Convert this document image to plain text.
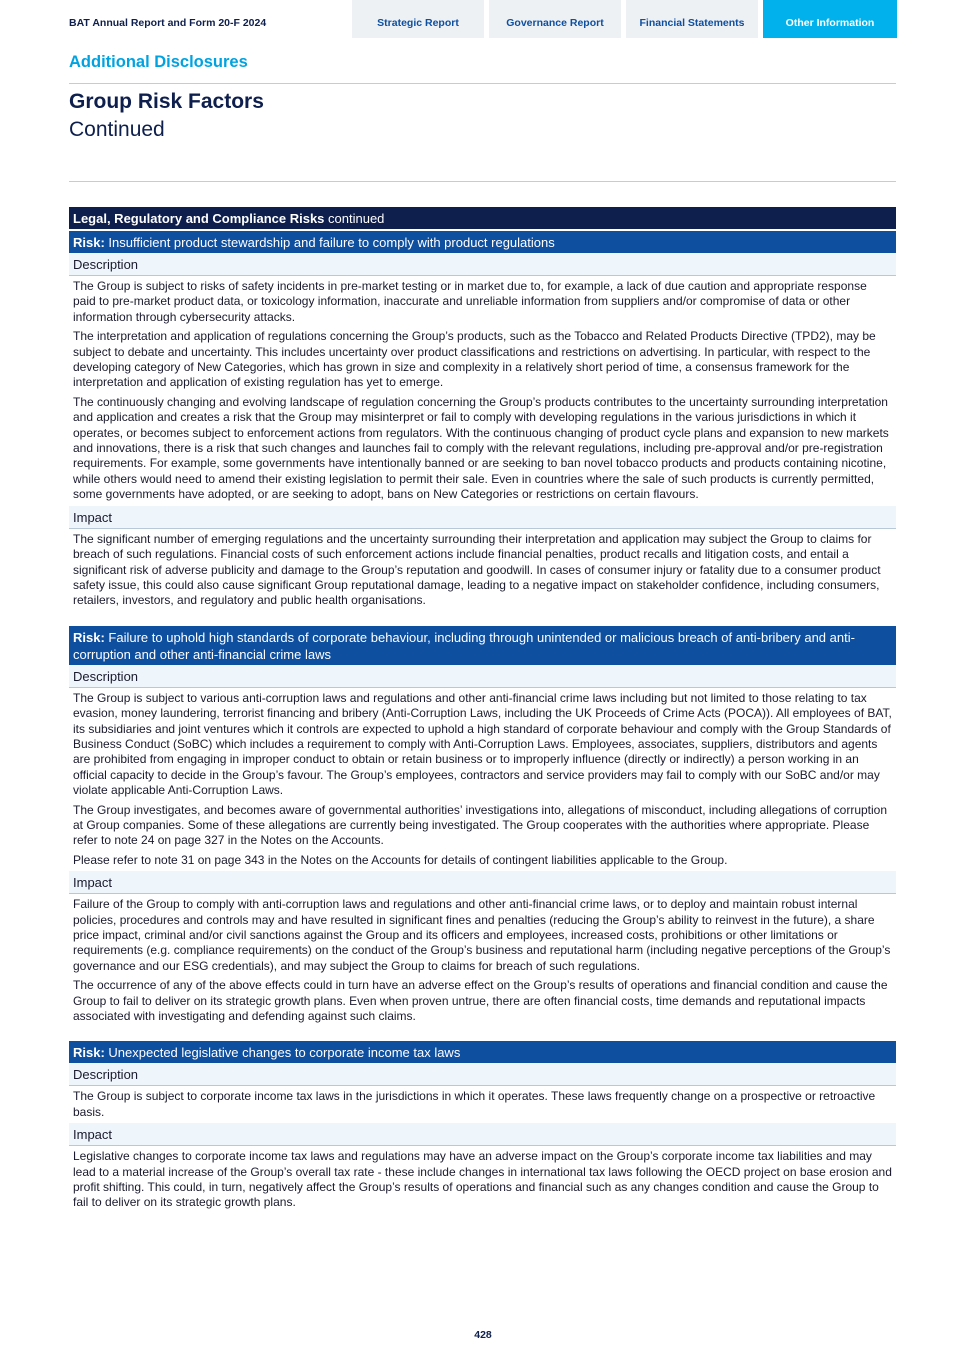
BAT Annual Report and Form 20-F 2024	Strategic Report	Governance Report	Financial Statements	Other Information
Additional Disclosures
Group Risk Factors
Continued
Legal, Regulatory and Compliance Risks continued
Risk: Insufficient product stewardship and failure to comply with product regulations
Description

The Group is subject to risks of safety incidents in pre-market testing or in market due to, for example, a lack of due caution and appropriate response paid to pre-market product data, or toxicology information, inaccurate and unreliable information from suppliers and/or compromise of data or other information through cybersecurity attacks.

The interpretation and application of regulations concerning the Group’s products, such as the Tobacco and Related Products Directive (TPD2), may be subject to debate and uncertainty. This includes uncertainty over product classifications and restrictions on advertising. In particular, with respect to the developing category of New Categories, which has grown in size and complexity in a relatively short period of time, a consensus framework for the interpretation and application of existing regulation has yet to emerge.

The continuously changing and evolving landscape of regulation concerning the Group’s products contributes to the uncertainty surrounding interpretation and application and creates a risk that the Group may misinterpret or fail to comply with developing regulations in the various jurisdictions in which it operates, or becomes subject to enforcement actions from regulators. With the continuous changing of product cycle plans and expansion to new markets and innovations, there is a risk that such changes and launches fail to comply with the relevant regulations, including pre-approval and/or pre-registration requirements. For example, some governments have intentionally banned or are seeking to ban novel tobacco products and products containing nicotine, while others would need to amend their existing legislation to permit their sale. Even in countries where the sale of such products is currently permitted, some governments have adopted, or are seeking to adopt, bans on New Categories or restrictions on certain flavours.

Impact

The significant number of emerging regulations and the uncertainty surrounding their interpretation and application may subject the Group to claims for breach of such regulations. Financial costs of such enforcement actions include financial penalties, product recalls and litigation costs, and entail a significant risk of adverse publicity and damage to the Group’s reputation and goodwill. In cases of consumer injury or fatality due to a consumer product safety issue, this could also cause significant Group reputational damage, leading to a negative impact on stakeholder confidence, including consumers, retailers, investors, and regulatory and public health organisations.

Risk: Failure to uphold high standards of corporate behaviour, including through unintended or malicious breach of anti-bribery and anti-corruption and other anti-financial crime laws
Description

The Group is subject to various anti-corruption laws and regulations and other anti-financial crime laws including but not limited to those relating to tax evasion, money laundering, terrorist financing and bribery (Anti-Corruption Laws, including the UK Proceeds of Crime Acts (POCA)). All employees of BAT, its subsidiaries and joint ventures which it controls are expected to uphold a high standard of corporate behaviour and comply with the Group Standards of Business Conduct (SoBC) which includes a requirement to comply with Anti-Corruption Laws. Employees, associates, suppliers, distributors and agents are prohibited from engaging in improper conduct to obtain or retain business or to improperly influence (directly or indirectly) a person working in an official capacity to decide in the Group’s favour. The Group’s employees, contractors and service providers may fail to comply with our SoBC and/or may violate applicable Anti-Corruption Laws.

The Group investigates, and becomes aware of governmental authorities’ investigations into, allegations of misconduct, including allegations of corruption at Group companies. Some of these allegations are currently being investigated. The Group cooperates with the authorities where appropriate. Please refer to note 24 on page 327 in the Notes on the Accounts.

Please refer to note 31 on page 343 in the Notes on the Accounts for details of contingent liabilities applicable to the Group.

Impact

Failure of the Group to comply with anti-corruption laws and regulations and other anti-financial crime laws, or to deploy and maintain robust internal policies, procedures and controls may and have resulted in significant fines and penalties (reducing the Group’s ability to reinvest in the future), a share price impact, criminal and/or civil sanctions against the Group and its officers and employees, increased costs, prohibitions or other limitations or requirements (e.g. compliance requirements) on the conduct of the Group’s business and reputational harm (including negative perceptions of the Group’s governance and our ESG credentials), and may subject the Group to claims for breach of such regulations.

The occurrence of any of the above effects could in turn have an adverse effect on the Group’s results of operations and financial condition and cause the Group to fail to deliver on its strategic growth plans. Even when proven untrue, there are often financial costs, time demands and reputational impacts associated with investigating and defending against such claims.

Risk: Unexpected legislative changes to corporate income tax laws
Description

The Group is subject to corporate income tax laws in the jurisdictions in which it operates. These laws frequently change on a prospective or retroactive basis.

Impact

Legislative changes to corporate income tax laws and regulations may have an adverse impact on the Group’s corporate income tax liabilities and may lead to a material increase of the Group’s overall tax rate - these include changes in international tax laws following the OECD project on base erosion and profit shifting. This could, in turn, negatively affect the Group’s results of operations and financial such as any changes condition and cause the Group to fail to deliver on its strategic growth plans.

428
